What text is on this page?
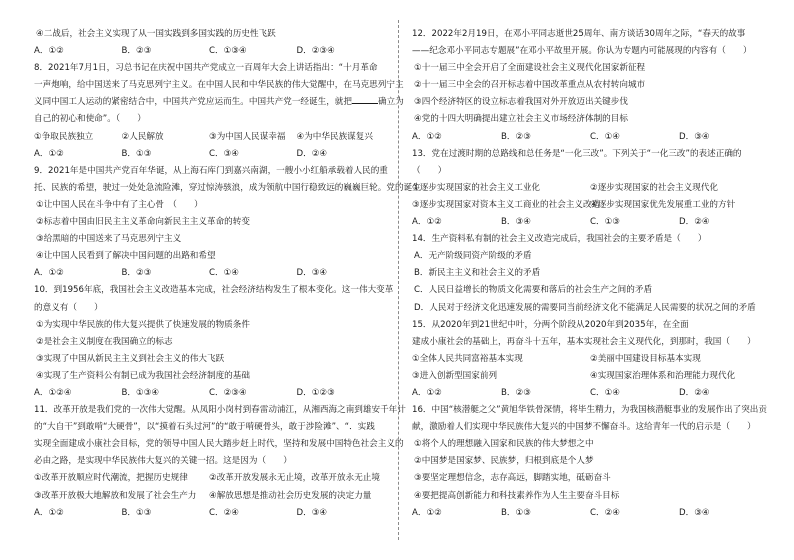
④二战后，社会主义实现了从一国实践到多国实践的历史性飞跃
A．①②	B．②③	C．①③④	D．②③④
8．2021年7月1日，习总书记在庆祝中国共产党成立一百周年大会上讲话指出：“十月革命
一声炮响，给中国送来了马克思列宁主义。在中国人民和中华民族的伟大觉醒中，在马克思列宁主
义同中国工人运动的紧密结合中，中国共产党应运而生。中国共产党一经诞生，就把	确立为
自己的初心和使命”。（　　）
①争取民族独立	②人民解放	③为中国人民谋幸福	④为中华民族谋复兴
A．①②	B．①③	C．③④	D．②④
9．2021年是中国共产党百年华诞，从上海石库门到嘉兴南湖，一艘小小红船承载着人民的重
托、民族的希望，驶过一处处急流险滩，穿过惊涛骇浪，成为领航中国行稳致远的巍巍巨轮。党的诞生
①让中国人民在斗争中有了主心骨　（　　）
②标志着中国由旧民主主义革命向新民主主义革命的转变
③给黑暗的中国送来了马克思列宁主义
④让中国人民看到了解决中国问题的出路和希望
A．①②	B．②③	C．①④	D．③④
10．到1956年底，我国社会主义改造基本完成，社会经济结构发生了根本变化。这一伟大变革
的意义有（　　）
①为实现中华民族的伟大复兴提供了快速发展的物质条件
②是社会主义制度在我国确立的标志
③实现了中国从新民主主义到社会主义的伟大飞跃
④实现了生产资料公有制已成为我国社会经济制度的基础
A．①②④	B．①③④	C．②③④	D．①②③
11．改革开放是我们党的一次伟大觉醒。从凤阳小岗村到春雷动浦江，从湘西海之南到雄安千年计
的“大自干”到敢啃“大硬骨”，以“摸着石头过河”的“敢于啃硬骨头，敢于涉险滩”、“．实践
实现全面建成小康社会目标，党的领导中国人民大踏步赶上时代，坚持和发展中国特色社会主义的
必由之路，是实现中华民族伟大复兴的关键一招。这是因为（　　）
①改革开放顺应时代潮流，把握历史规律	②改革开放发展永无止境，改革开放永无止境
③改革开放极大地解放和发展了社会生产力	④解放思想是推动社会历史发展的决定力量
A．①②	B．①③	C．②④	D．③④
12．2022年2月19日，在邓小平同志逝世25周年、南方谈话30周年之际，“春天的故事
——纪念邓小平同志专题展”在邓小平故里开展。你认为专题内可能展现的内容有（　　）
①十一届三中全会开启了全面建设社会主义现代化国家新征程
②十一届三中全会的召开标志着中国改革重点从农村转向城市
③四个经济特区的设立标志着我国对外开放迈出关键步伐
④党的十四大明确提出建立社会主义市场经济体制的目标
A．①②	B．②③	C．①④	D．③④
13．党在过渡时期的总路线和总任务是“一化三改”。下列关于“一化三改”的表述正确的
（　　）
①逐步实现国家的社会主义工业化	②逐步实现国家的社会主义现代化
③逐步实现国家对资本主义工商业的社会主义改造
④逐步实现国家优先发展重工业的方针
A．①②	B．③④	C．①③	D．②④
14．生产资料私有制的社会主义改造完成后，我国社会的主要矛盾是（　　）
A．无产阶级同资产阶级的矛盾
B．新民主主义和社会主义的矛盾
C．人民日益增长的物质文化需要和落后的社会生产之间的矛盾
D．人民对于经济文化迅速发展的需要同当前经济文化不能满足人民需要的状况之间的矛盾
15．从2020年到21世纪中叶，分两个阶段从2020年到2035年，在全面
建成小康社会的基础上，再奋斗十五年，基本实现社会主义现代化，到那时，我国（　　）
①全体人民共同富裕基本实现	②美丽中国建设目标基本实现
③进入创新型国家前列	④实现国家治理体系和治理能力现代化
A．①②	B．②③	C．①④	D．②④
16．中国“核潜艇之父”黄旭华铁骨深情，将毕生精力，为我国核潜艇事业的发展作出了突出贡
献，激励着人们实现中华民族伟大复兴的中国梦不懈奋斗。这给青年一代的启示是（　　）
①将个人的理想融入国家和民族的伟大梦想之中
②中国梦是国家梦、民族梦，归根到底是个人梦
③要坚定理想信念，志存高远，脚踏实地，砥砺奋斗
④要把提高创新能力和科技素养作为人生主要奋斗目标
A．①②	B．①③	C．②④	D．③④
